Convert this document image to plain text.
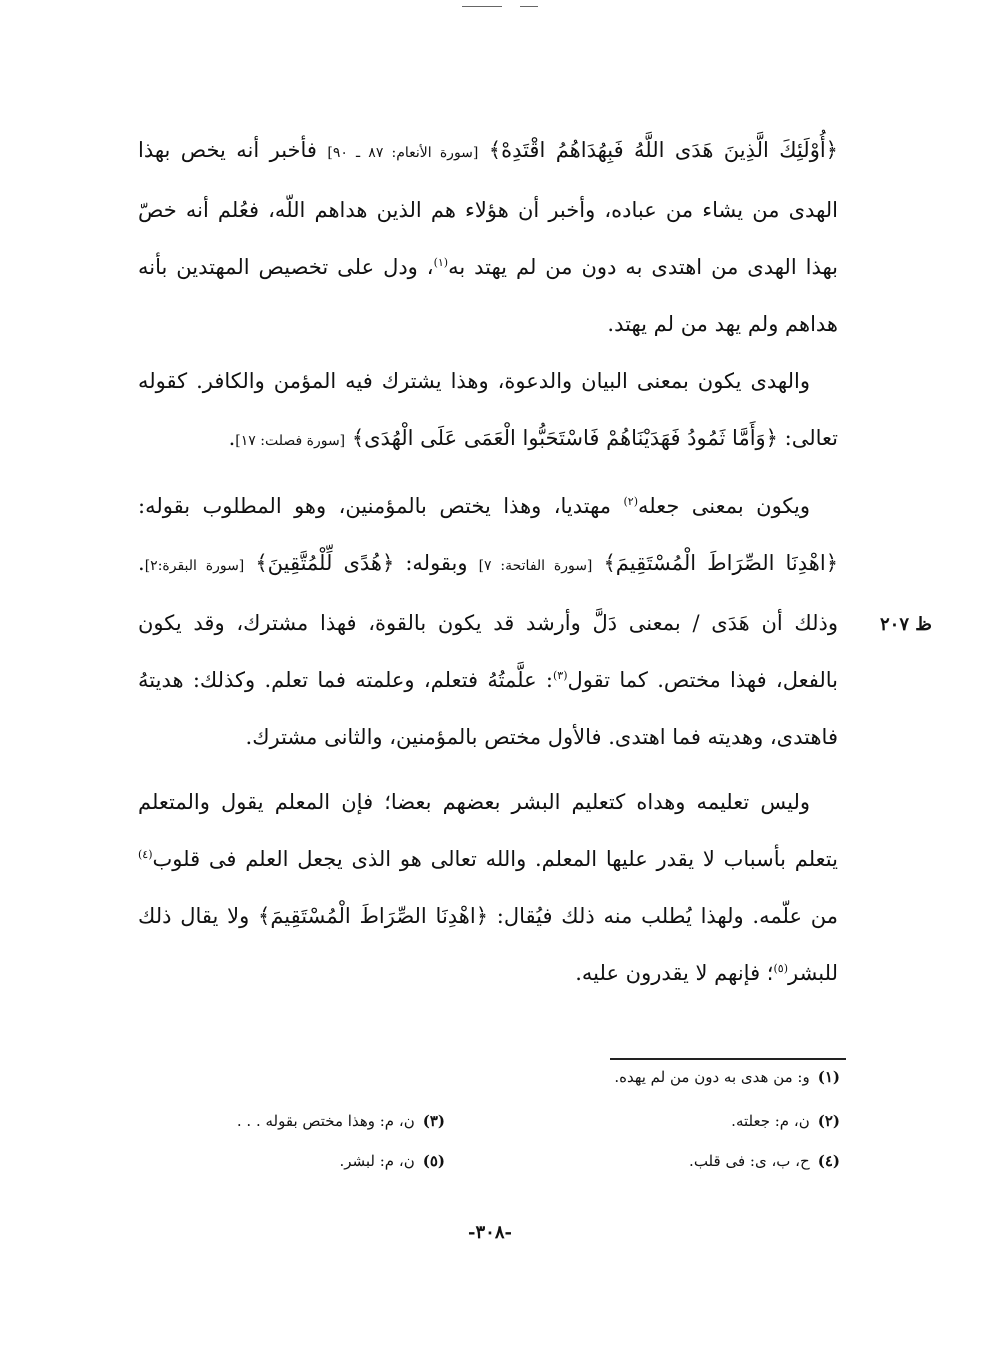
﴿أُوْلَئِكَ الَّذِينَ هَدَى اللَّهُ فَبِهُدَاهُمُ اقْتَدِهْ﴾ [سورة الأنعام: ٨٧ ـ ٩٠] فأخبر أنه يخص بهذا الهدى من يشاء من عباده، وأخبر أن هؤلاء هم الذين هداهم اللّه، فعُلم أنه خصّ بهذا الهدى من اهتدى به دون من لم يهتد به$^{(١)}$، ودل على تخصيص المهتدين بأنه هداهم ولم يهد من لم يهتد.

والهدى يكون بمعنى البيان والدعوة، وهذا يشترك فيه المؤمن والكافر. كقوله تعالى: ﴿وَأَمَّا ثَمُودُ فَهَدَيْنَاهُمْ فَاسْتَحَبُّوا الْعَمَى عَلَى الْهُدَى﴾ [سورة فصلت: ١٧].

ويكون بمعنى جعله$^{(٢)}$ مهتديا، وهذا يختص بالمؤمنين، وهو المطلوب بقوله: ﴿اهْدِنَا الصِّرَاطَ الْمُسْتَقِيمَ﴾ [سورة الفاتحة: ٧] وبقوله: ﴿هُدًى لِّلْمُتَّقِينَ﴾ [سورة البقرة:٢]. وذلك أن هَدَى / بمعنى دَلَّ وأرشد قد يكون بالقوة، فهذا مشترك، وقد يكون بالفعل، فهذا مختص. كما تقول$^{(٣)}$: علَّمتُهُ فتعلم، وعلمته فما تعلم. وكذلك: هديتهُ فاهتدى، وهديته فما اهتدى. فالأول مختص بالمؤمنين، والثانى مشترك.

وليس تعليمه وهداه كتعليم البشر بعضهم بعضا؛ فإن المعلم يقول والمتعلم يتعلم بأسباب لا يقدر عليها المعلم. والله تعالى هو الذى يجعل العلم فى قلوب$^{(٤)}$ من علّمه. ولهذا يُطلب منه ذلك فيُقال: ﴿اهْدِنَا الصِّرَاطَ الْمُسْتَقِيمَ﴾ ولا يقال ذلك للبشر$^{(٥)}$؛ فإنهم لا يقدرون عليه.

ظ ٢٠٧
(١)و: من هدى به دون من لم يهده.
(٢)ن، م: جعلته.
(٣)ن، م: وهذا مختص بقوله . . .
(٤)ح، ب، ى: فى قلب.
(٥)ن، م: لبشر.
-٣٠٨-
